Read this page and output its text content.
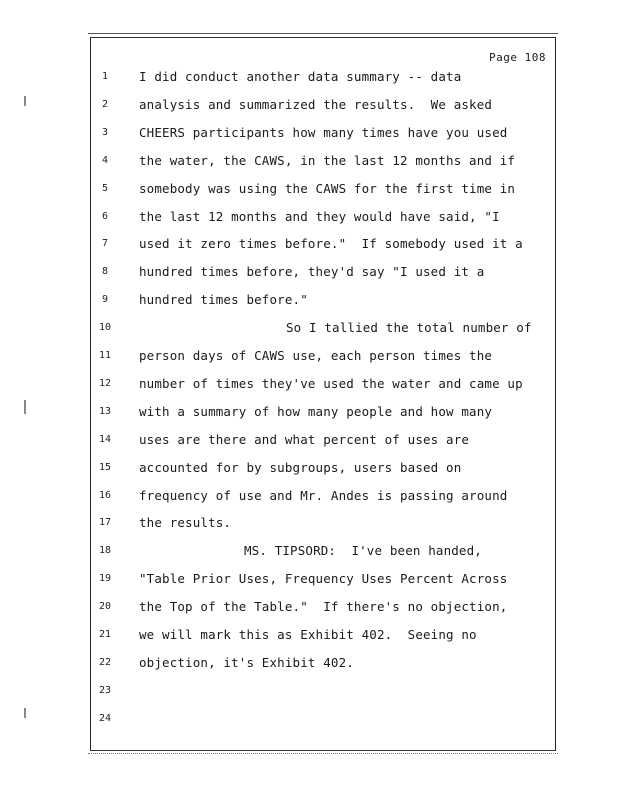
Page 108
1	I did conduct another data summary -- data
2	analysis and summarized the results.  We asked
3	CHEERS participants how many times have you used
4	the water, the CAWS, in the last 12 months and if
5	somebody was using the CAWS for the first time in
6	the last 12 months and they would have said, "I
7	used it zero times before."  If somebody used it a
8	hundred times before, they'd say "I used it a
9	hundred times before."
10	So I tallied the total number of
11	person days of CAWS use, each person times the
12	number of times they've used the water and came up
13	with a summary of how many people and how many
14	uses are there and what percent of uses are
15	accounted for by subgroups, users based on
16	frequency of use and Mr. Andes is passing around
17	the results.
18	MS. TIPSORD:  I've been handed,
19	"Table Prior Uses, Frequency Uses Percent Across
20	the Top of the Table."  If there's no objection,
21	we will mark this as Exhibit 402.  Seeing no
22	objection, it's Exhibit 402.
23
24
